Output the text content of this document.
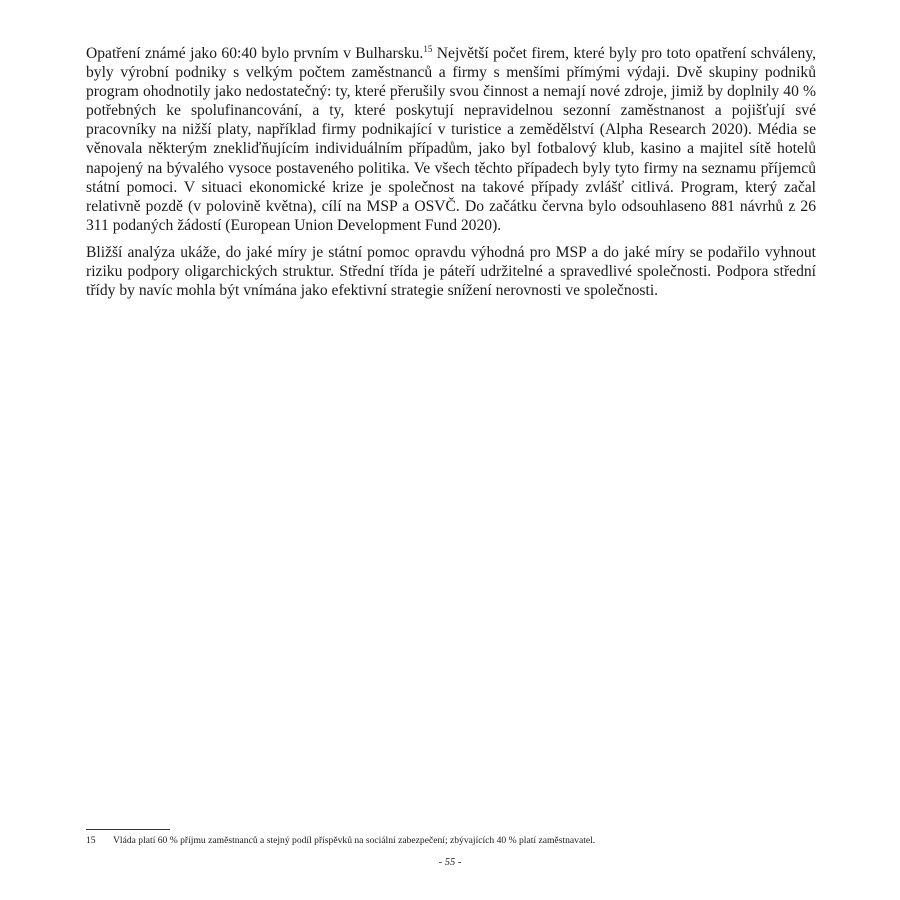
Opatření známé jako 60:40 bylo prvním v Bulharsku.$^{15}$ Největší počet firem, které byly pro toto opatření schváleny, byly výrobní podniky s velkým počtem zaměstnanců a firmy s menšími přímými výdaji. Dvě skupiny podniků program ohodnotily jako nedostatečný: ty, které přerušily svou činnost a nemají nové zdroje, jimiž by doplnily 40 % potřebných ke spolufinancování, a ty, které poskytují nepravidelnou sezonní zaměstnanost a pojišťují své pracovníky na nižší platy, například firmy podnikající v turistice a zemědělství (Alpha Research 2020). Média se věnovala některým znekliďňujícím individuálním případům, jako byl fotbalový klub, kasino a majitel sítě hotelů napojený na bývalého vysoce postaveného politika. Ve všech těchto případech byly tyto firmy na seznamu příjemců státní pomoci. V situaci ekonomické krize je společnost na takové případy zvlášť citlivá. Program, který začal relativně pozdě (v polovině května), cílí na MSP a OSVČ. Do začátku června bylo odsouhlaseno 881 návrhů z 26 311 podaných žádostí (European Union Development Fund 2020).

Bližší analýza ukáže, do jaké míry je státní pomoc opravdu výhodná pro MSP a do jaké míry se podařilo vyhnout riziku podpory oligarchických struktur. Střední třída je páteří udržitelné a spravedlivé společnosti. Podpora střední třídy by navíc mohla být vnímána jako efektivní strategie snížení nerovnosti ve společnosti.

15 Vláda platí 60 % příjmu zaměstnanců a stejný podíl příspěvků na sociální zabezpečení; zbývajících 40 % platí zaměstnavatel.
- 55 -
